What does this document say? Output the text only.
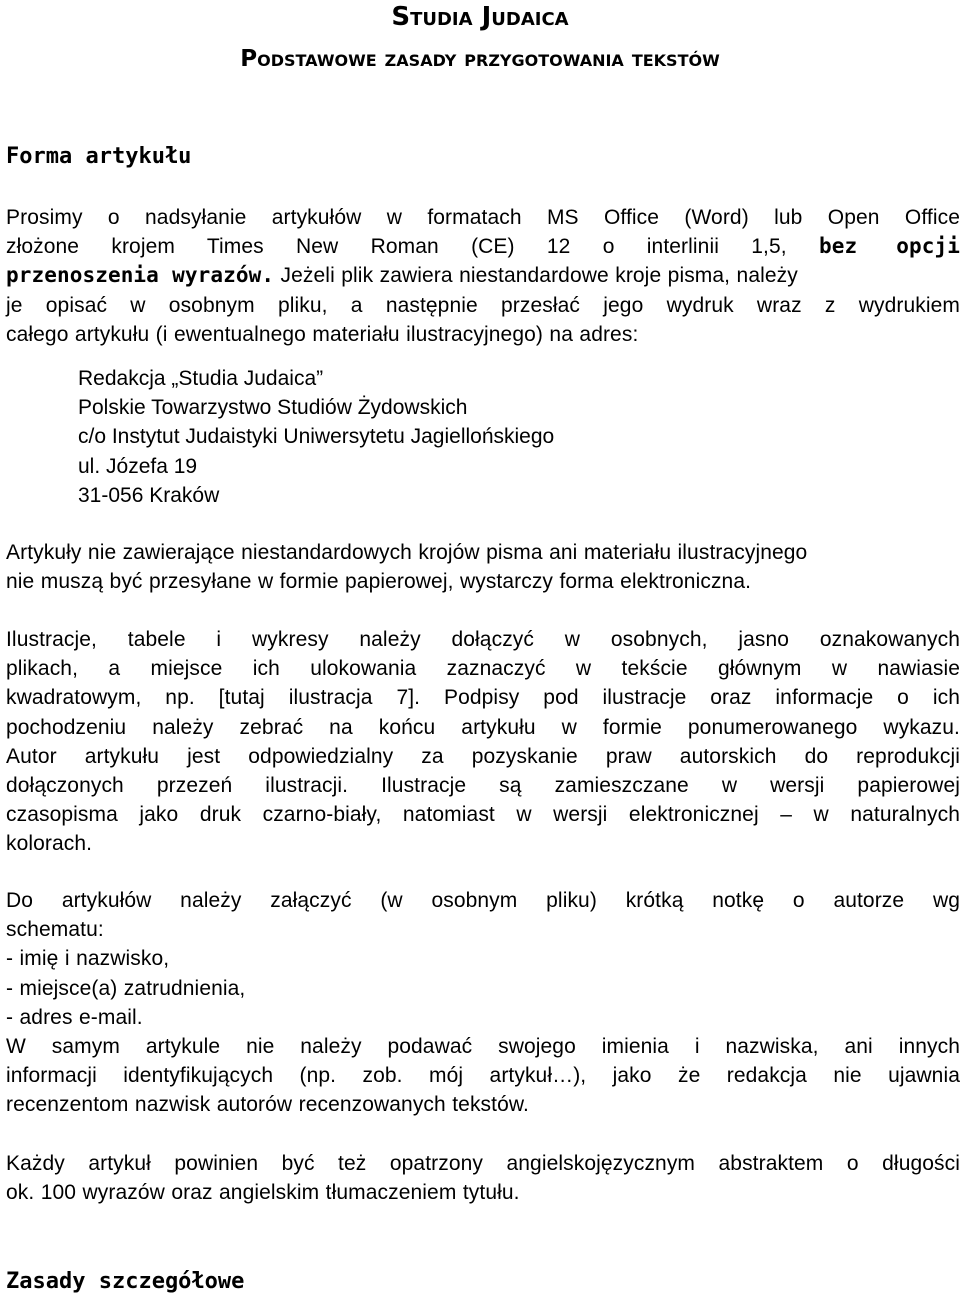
Studia Judaica
Podstawowe zasady przygotowania tekstów
Forma artykułu
Prosimy o nadsyłanie artykułów w formatach MS Office (Word) lub Open Office
złożone krojem Times New Roman (CE) 12 o interlinii 1,5, bez opcji
przenoszenia wyrazów. Jeżeli plik zawiera niestandardowe kroje pisma, należy
je opisać w osobnym pliku, a następnie przesłać jego wydruk wraz z wydrukiem
całego artykułu (i ewentualnego materiału ilustracyjnego) na adres:
Redakcja „Studia Judaica”
Polskie Towarzystwo Studiów Żydowskich
c/o Instytut Judaistyki Uniwersytetu Jagiellońskiego
ul. Józefa 19
31-056 Kraków
Artykuły nie zawierające niestandardowych krojów pisma ani materiału ilustracyjnego
nie muszą być przesyłane w formie papierowej, wystarczy forma elektroniczna.
Ilustracje, tabele i wykresy należy dołączyć w osobnych, jasno oznakowanych
plikach, a miejsce ich ulokowania zaznaczyć w tekście głównym w nawiasie
kwadratowym, np. [tutaj ilustracja 7]. Podpisy pod ilustracje oraz informacje o ich
pochodzeniu należy zebrać na końcu artykułu w formie ponumerowanego wykazu.
Autor artykułu jest odpowiedzialny za pozyskanie praw autorskich do reprodukcji
dołączonych przezeń ilustracji. Ilustracje są zamieszczane w wersji papierowej
czasopisma jako druk czarno-biały, natomiast w wersji elektronicznej – w naturalnych
kolorach.
Do artykułów należy załączyć (w osobnym pliku) krótką notkę o autorze wg
schematu:
- imię i nazwisko,
- miejsce(a) zatrudnienia,
- adres e-mail.
W samym artykule nie należy podawać swojego imienia i nazwiska, ani innych
informacji identyfikujących (np. zob. mój artykuł…), jako że redakcja nie ujawnia
recenzentom nazwisk autorów recenzowanych tekstów.
Każdy artykuł powinien być też opatrzony angielskojęzycznym abstraktem o długości
ok. 100 wyrazów oraz angielskim tłumaczeniem tytułu.
Zasady szczegółowe
